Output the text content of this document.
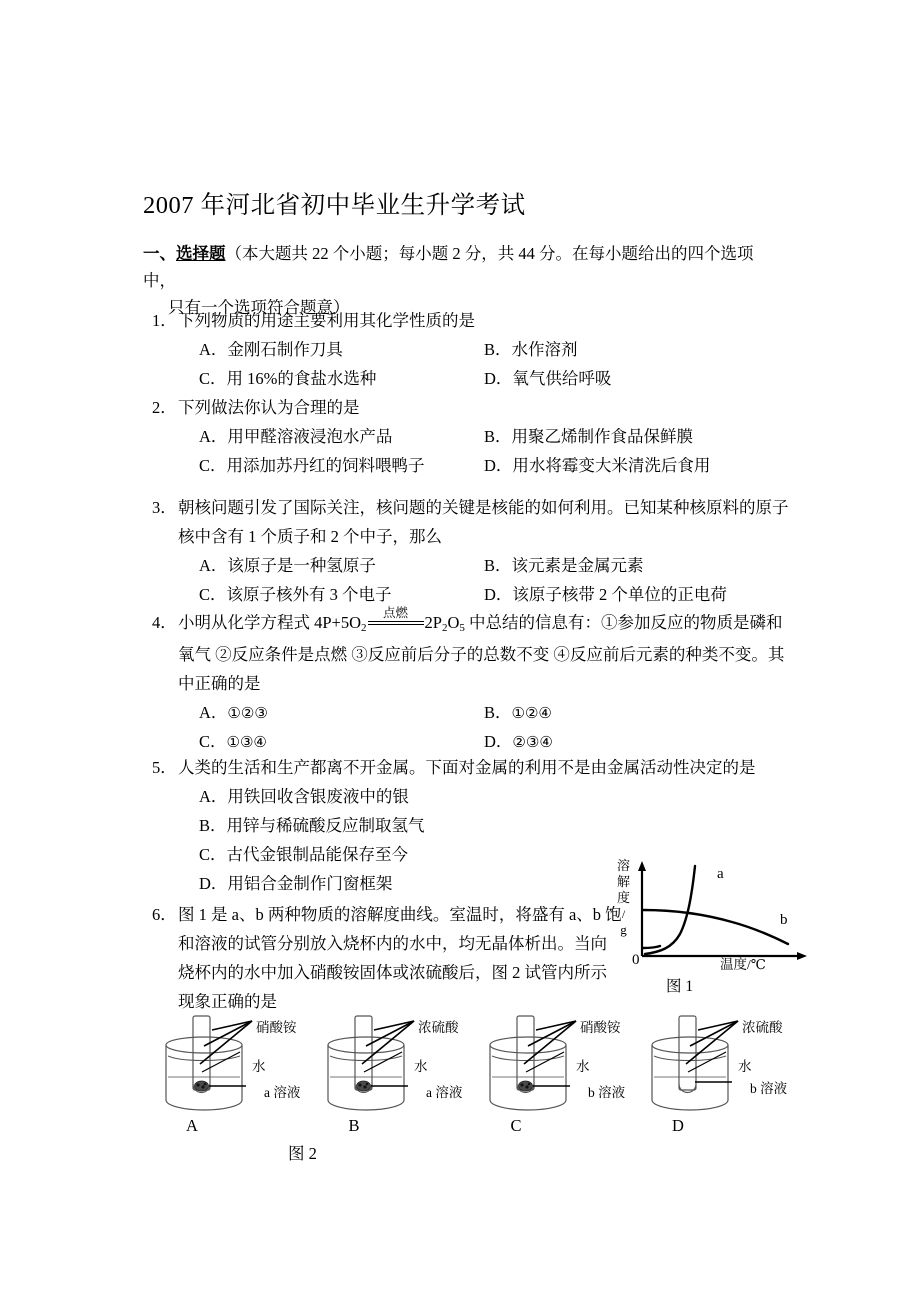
2007 年河北省初中毕业生升学考试
一、选择题（本大题共 22 个小题；每小题 2 分，共 44 分。在每小题给出的四个选项中，
只有一个选项符合题意）
1． 下列物质的用途主要利用其化学性质的是
A．金刚石制作刀具	B．水作溶剂
C．用 16%的食盐水选种	D．氧气供给呼吸
2． 下列做法你认为合理的是
A．用甲醛溶液浸泡水产品	B．用聚乙烯制作食品保鲜膜
C．用添加苏丹红的饲料喂鸭子	D．用水将霉变大米清洗后食用
3． 朝核问题引发了国际关注，核问题的关键是核能的如何利用。已知某种核原料的原子
核中含有 1 个质子和 2 个中子，那么
A．该原子是一种氢原子	B．该元素是金属元素
C．该原子核外有 3 个电子	D．该原子核带 2 个单位的正电荷
4． 小明从化学方程式 $4P+5O_2$
点燃 $2P_2O_5$ 中总结的信息有：①参加反应的物质是磷和
氧气 ②反应条件是点燃 ③反应前后分子的总数不变 ④反应前后元素的种类不变。其
中正确的是
A．①②③	B．①②④
C．①③④	D．②③④
5． 人类的生活和生产都离不开金属。下面对金属的利用不是由金属活动性决定的是
A．用铁回收含银废液中的银
B．用锌与稀硫酸反应制取氢气
C．古代金银制品能保存至今
D．用铝合金制作门窗框架
6． 图 1 是 a、b 两种物质的溶解度曲线。室温时，将盛有 a、b 饱
和溶液的试管分别放入烧杯内的水中，均无晶体析出。当向
烧杯内的水中加入硝酸铵固体或浓硫酸后，图 2 试管内所示
现象正确的是
溶
解
度
/
g
a
b
0	温度/℃
图 1
硝酸铵
水
a 溶液
A
浓硫酸
水
a 溶液
B
硝酸铵
水
b 溶液
C
浓硫酸
水
b 溶液
D
图 2
